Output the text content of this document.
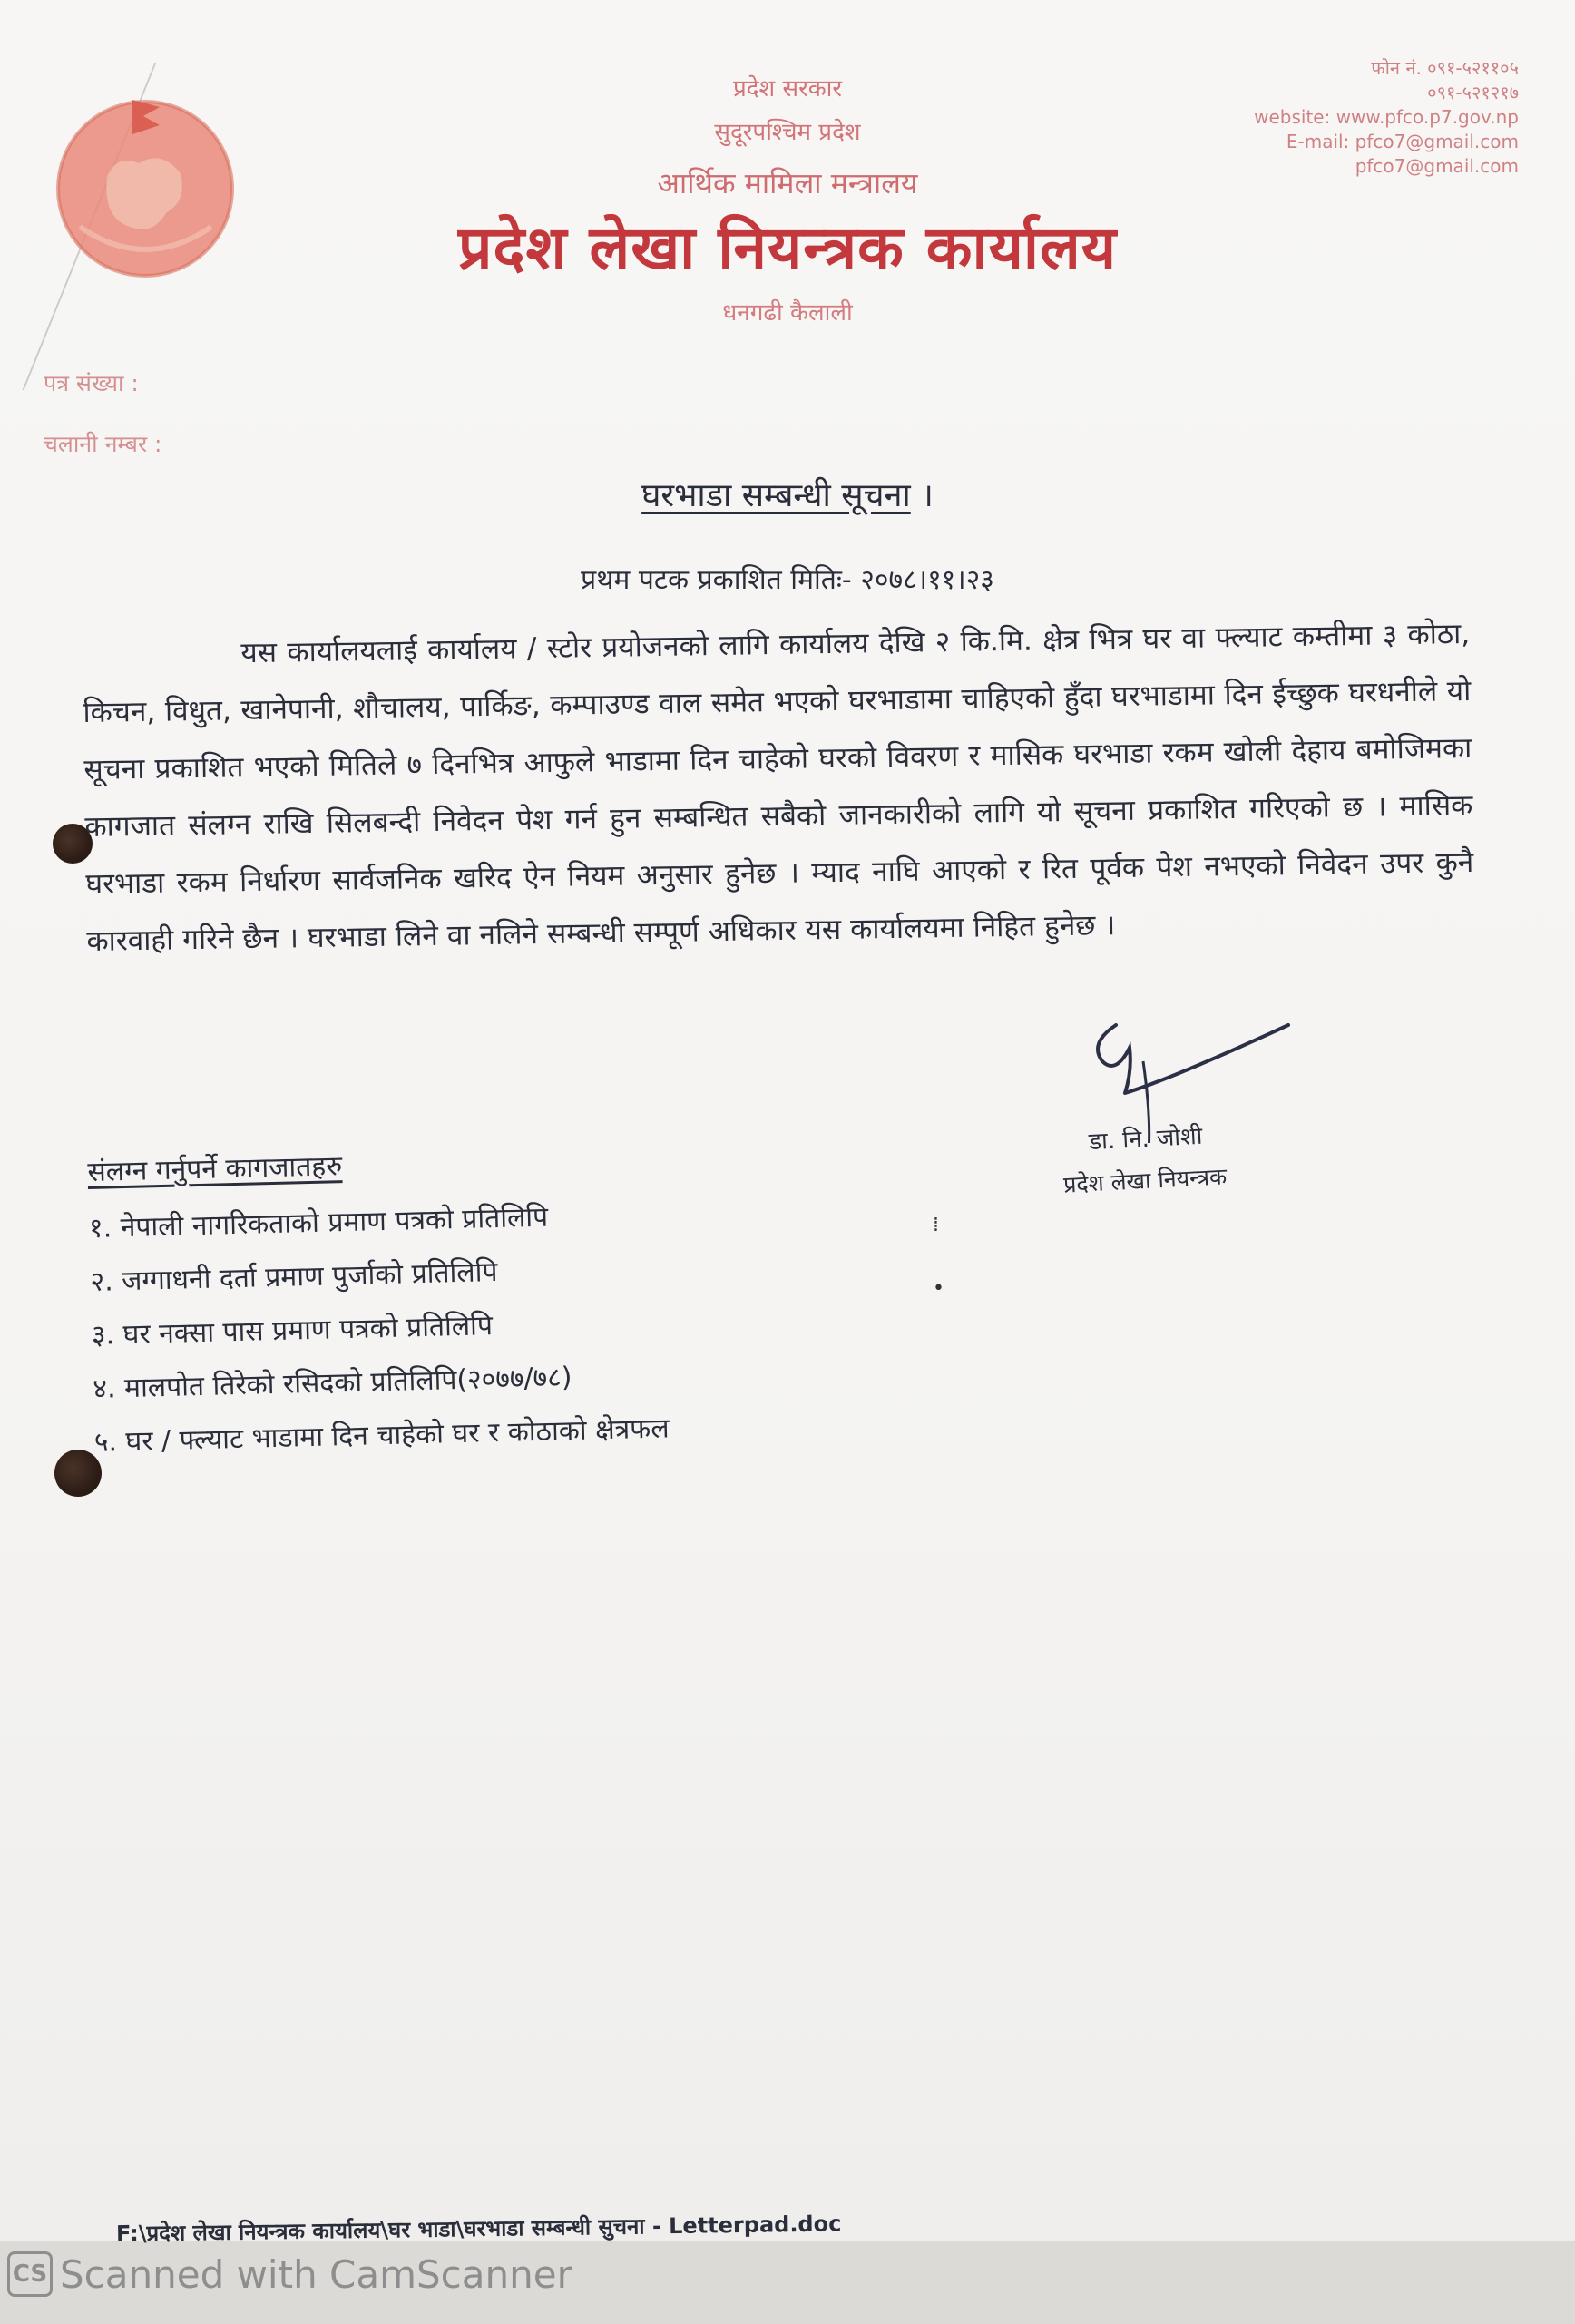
प्रदेश सरकार
सुदूरपश्चिम प्रदेश
आर्थिक मामिला मन्त्रालय
प्रदेश लेखा नियन्त्रक कार्यालय
धनगढी कैलाली
फोन नं. ०९१-५२११०५
०९१-५२१२१७
website: www.pfco.p7.gov.np
E-mail: pfco7@gmail.com
pfco7@gmail.com
पत्र संख्या :
चलानी नम्बर :
घरभाडा सम्बन्धी सूचना ।
प्रथम पटक प्रकाशित मितिः- २०७८।११।२३
यस कार्यालयलाई कार्यालय / स्टोर प्रयोजनको लागि कार्यालय देखि २ कि.मि. क्षेत्र भित्र घर वा फ्ल्याट कम्तीमा ३ कोठा, किचन, विधुत, खानेपानी, शौचालय, पार्किङ, कम्पाउण्ड वाल समेत भएको घरभाडामा चाहिएको हुँदा घरभाडामा दिन ईच्छुक घरधनीले यो सूचना प्रकाशित भएको मितिले ७ दिनभित्र आफुले भाडामा दिन चाहेको घरको विवरण र मासिक घरभाडा रकम खोली देहाय बमोजिमका कागजात संलग्न राखि सिलबन्दी निवेदन पेश गर्न हुन सम्बन्धित सबैको जानकारीको लागि यो सूचना प्रकाशित गरिएको छ । मासिक घरभाडा रकम निर्धारण सार्वजनिक खरिद ऐन नियम अनुसार हुनेछ । म्याद नाघि आएको र रित पूर्वक पेश नभएको निवेदन उपर कुनै कारवाही गरिने छैन । घरभाडा लिने वा नलिने सम्बन्धी सम्पूर्ण अधिकार यस कार्यालयमा निहित हुनेछ ।
डा. नि. जोशी
प्रदेश लेखा नियन्त्रक
संलग्न गर्नुपर्ने कागजातहरु
१. नेपाली नागरिकताको प्रमाण पत्रको प्रतिलिपि
२. जग्गाधनी दर्ता प्रमाण पुर्जाको प्रतिलिपि
३. घर नक्सा पास प्रमाण पत्रको प्रतिलिपि
४. मालपोत तिरेको रसिदको प्रतिलिपि(२०७७/७८)
५. घर / फ्ल्याट भाडामा दिन चाहेको घर र कोठाको क्षेत्रफल
⁞
•
F:\प्रदेश लेखा नियन्त्रक कार्यालय\घर भाडा\घरभाडा सम्बन्धी सुचना - Letterpad.doc
CS Scanned with CamScanner
